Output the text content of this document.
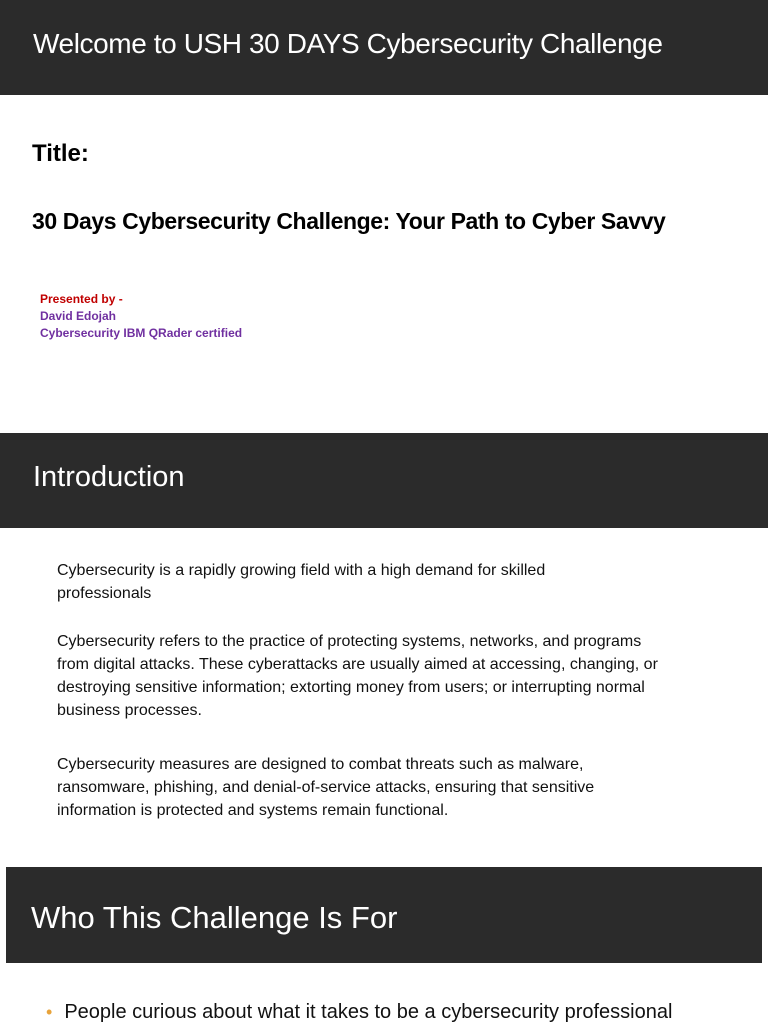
Welcome to USH 30 DAYS Cybersecurity Challenge
Title:
30 Days Cybersecurity Challenge: Your Path to Cyber Savvy
Presented by -
David Edojah
Cybersecurity IBM QRader certified
Introduction

Cybersecurity is a rapidly growing field with a high demand for skilled professionals

Cybersecurity refers to the practice of protecting systems, networks, and programs from digital attacks. These cyberattacks are usually aimed at accessing, changing, or destroying sensitive information; extorting money from users; or interrupting normal business processes.

Cybersecurity measures are designed to combat threats such as malware, ransomware, phishing, and denial-of-service attacks, ensuring that sensitive information is protected and systems remain functional.

Who This Challenge Is For
• People curious about what it takes to be a cybersecurity professional
